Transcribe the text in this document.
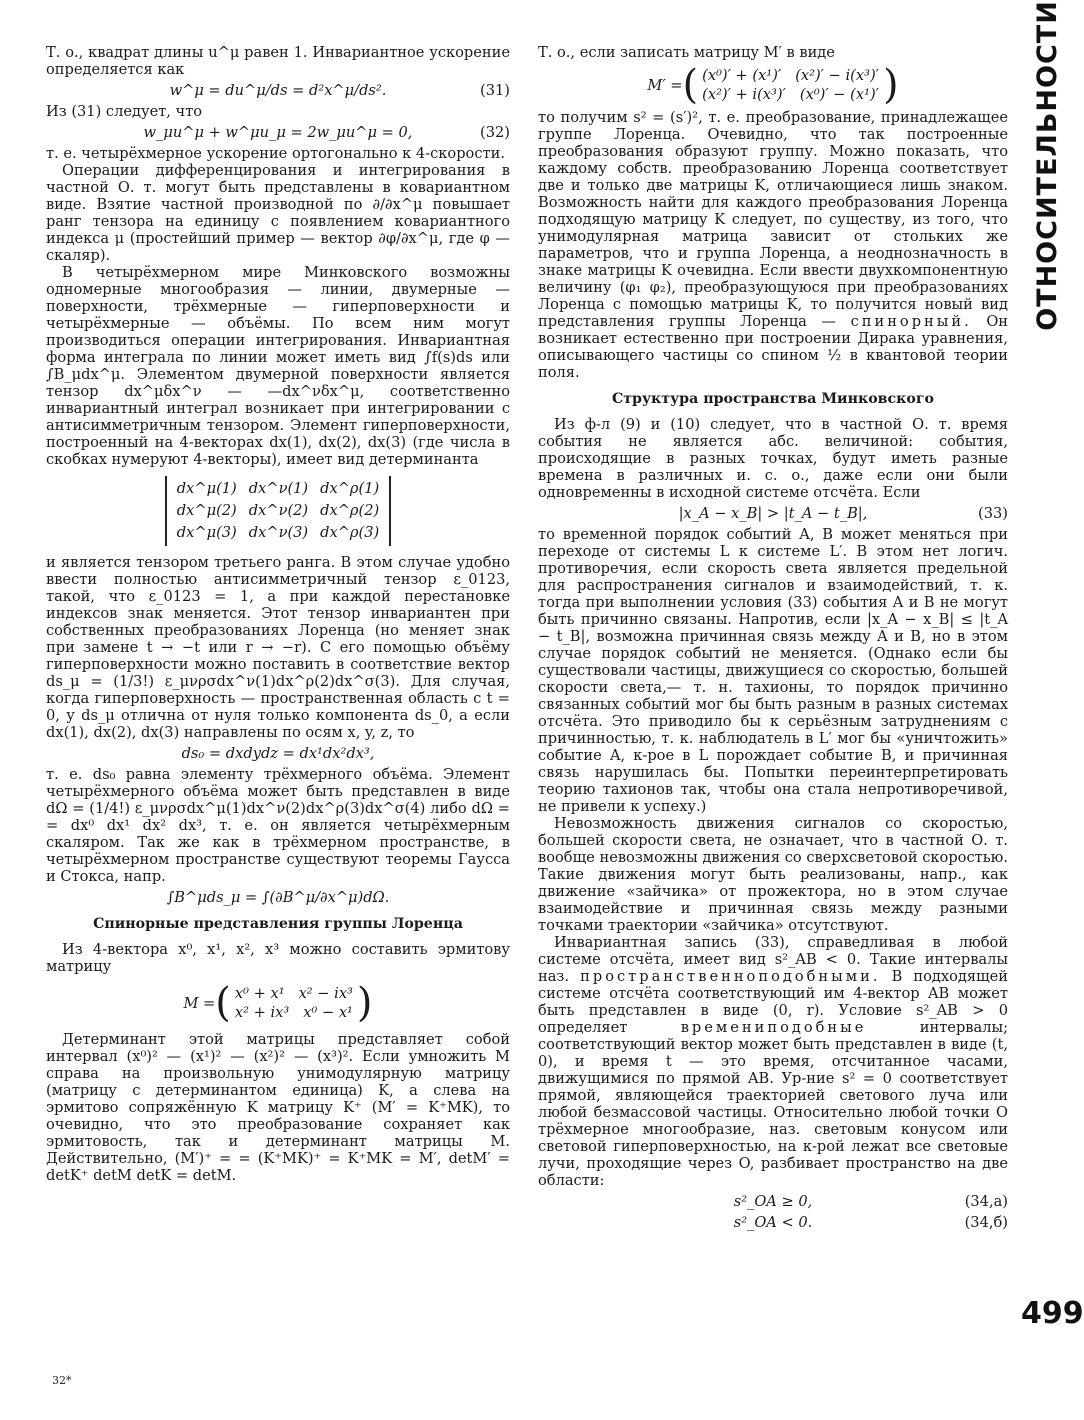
Т. о., квадрат длины u^μ равен 1. Инвариантное ускорение определяется как

w^μ = du^μ/ds = d²x^μ/ds².	(31)

Из (31) следует, что

w_μu^μ + w^μu_μ = 2w_μu^μ = 0,	(32)

т. е. четырёхмерное ускорение ортогонально к 4-скорости.

Операции дифференцирования и интегрирования в частной О. т. могут быть представлены в ковариантном виде. Взятие частной производной по ∂/∂x^μ повышает ранг тензора на единицу с появлением ковариантного индекса μ (простейший пример — вектор ∂φ/∂x^μ, где φ — скаляр).

В четырёхмерном мире Минковского возможны одномерные многообразия — линии, двумерные — поверхности, трёхмерные — гиперповерхности и четырёхмерные — объёмы. По всем ним могут производиться операции интегрирования. Инвариантная форма интеграла по линии может иметь вид ∫f(s)ds или ∫B_μdx^μ. Элементом двумерной поверхности является тензор dx^μδx^ν — —dx^νδx^μ, соответственно инвариантный интеграл возникает при интегрировании с антисимметричным тензором. Элемент гиперповерхности, построенный на 4-векторах dx(1), dx(2), dx(3) (где числа в скобках нумеруют 4-векторы), имеет вид детерминанта

dx^μ(1) dx^ν(1) dx^ρ(1)
dx^μ(2) dx^ν(2) dx^ρ(2)
dx^μ(3) dx^ν(3) dx^ρ(3)

и является тензором третьего ранга. В этом случае удобно ввести полностью антисимметричный тензор ε_0123, такой, что ε_0123 = 1, а при каждой перестановке индексов знак меняется. Этот тензор инвариантен при собственных преобразованиях Лоренца (но меняет знак при замене t → −t или r → −r). С его помощью объёму гиперповерхности можно поставить в соответствие вектор ds_μ = (1/3!) ε_μνρσdx^ν(1)dx^ρ(2)dx^σ(3). Для случая, когда гиперповерхность — пространственная область с t = 0, у ds_μ отлична от нуля только компонента ds_0, а если dx(1), dx(2), dx(3) направлены по осям x, y, z, то

ds₀ = dxdydz = dx¹dx²dx³,

т. е. ds₀ равна элементу трёхмерного объёма. Элемент четырёхмерного объёма может быть представлен в виде dΩ = (1/4!) ε_μνρσdx^μ(1)dx^ν(2)dx^ρ(3)dx^σ(4) либо dΩ = = dx⁰ dx¹ dx² dx³, т. е. он является четырёхмерным скаляром. Так же как в трёхмерном пространстве, в четырёхмерном пространстве существуют теоремы Гаусса и Стокса, напр.

∫B^μds_μ = ∫(∂B^μ/∂x^μ)dΩ.
Спинорные представления группы Лоренца

Из 4-вектора x⁰, x¹, x², x³ можно составить эрмитову матрицу

M = ( x⁰ + x¹ x² − ix³
x² + ix³ x⁰ − x¹ )

Детерминант этой матрицы представляет собой интервал (x⁰)² — (x¹)² — (x²)² — (x³)². Если умножить M справа на произвольную унимодулярную матрицу (матрицу с детерминантом единица) K, а слева на эрмитово сопряжённую K матрицу K⁺ (M′ = K⁺MK), то очевидно, что это преобразование сохраняет как эрмитовость, так и детерминант матрицы M. Действительно, (M′)⁺ = = (K⁺MK)⁺ = K⁺MK = M′, detM′ = detK⁺ detM detK = detM.

Т. о., если записать матрицу M′ в виде

M′ = ( (x⁰)′ + (x¹)′ (x²)′ − i(x³)′
(x²)′ + i(x³)′ (x⁰)′ − (x¹)′ )

то получим s² = (s′)², т. е. преобразование, принадлежащее группе Лоренца. Очевидно, что так построенные преобразования образуют группу. Можно показать, что каждому собств. преобразованию Лоренца соответствует две и только две матрицы K, отличающиеся лишь знаком. Возможность найти для каждого преобразования Лоренца подходящую матрицу K следует, по существу, из того, что унимодулярная матрица зависит от стольких же параметров, что и группа Лоренца, а неоднозначность в знаке матрицы K очевидна. Если ввести двухкомпонентную величину (φ₁ φ₂), преобразующуюся при преобразованиях Лоренца с помощью матрицы K, то получится новый вид представления группы Лоренца — спинорный. Он возникает естественно при построении Дирака уравнения, описывающего частицы со спином ½ в квантовой теории поля.

Структура пространства Минковского

Из ф-л (9) и (10) следует, что в частной О. т. время события не является абс. величиной: события, происходящие в разных точках, будут иметь разные времена в различных и. с. о., даже если они были одновременны в исходной системе отсчёта. Если

|x_A − x_B| > |t_A − t_B|,	(33)

то временной порядок событий A, B может меняться при переходе от системы L к системе L′. В этом нет логич. противоречия, если скорость света является предельной для распространения сигналов и взаимодействий, т. к. тогда при выполнении условия (33) события A и B не могут быть причинно связаны. Напротив, если |x_A − x_B| ≤ |t_A − t_B|, возможна причинная связь между A и B, но в этом случае порядок событий не меняется. (Однако если бы существовали частицы, движущиеся со скоростью, большей скорости света,— т. н. тахионы, то порядок причинно связанных событий мог бы быть разным в разных системах отсчёта. Это приводило бы к серьёзным затруднениям с причинностью, т. к. наблюдатель в L′ мог бы «уничтожить» событие A, к-рое в L порождает событие B, и причинная связь нарушилась бы. Попытки переинтерпретировать теорию тахионов так, чтобы она стала непротиворечивой, не привели к успеху.)

Невозможность движения сигналов со скоростью, большей скорости света, не означает, что в частной О. т. вообще невозможны движения со сверхсветовой скоростью. Такие движения могут быть реализованы, напр., как движение «зайчика» от прожектора, но в этом случае взаимодействие и причинная связь между разными точками траектории «зайчика» отсутствуют.

Инвариантная запись (33), справедливая в любой системе отсчёта, имеет вид s²_AB < 0. Такие интервалы наз. пространственноподобными. В подходящей системе отсчёта соответствующий им 4-вектор AB может быть представлен в виде (0, r). Условие s²_AB > 0 определяет	времениподобные	интервалы; соответствующий вектор может быть представлен в виде (t, 0), и время t — это время, отсчитанное часами, движущимися по прямой AB. Ур-ние s² = 0 соответствует прямой, являющейся траекторией светового луча или любой безмассовой частицы. Относительно любой точки O трёхмерное многообразие, наз. световым конусом или световой гиперповерхностью, на к-рой лежат все световые лучи, проходящие через O, разбивает пространство на две области:

s²_OA ≥ 0,	(34,а)
s²_OA < 0.	(34,б)
ОТНОСИТЕЛЬНОСТИ
499
32*
